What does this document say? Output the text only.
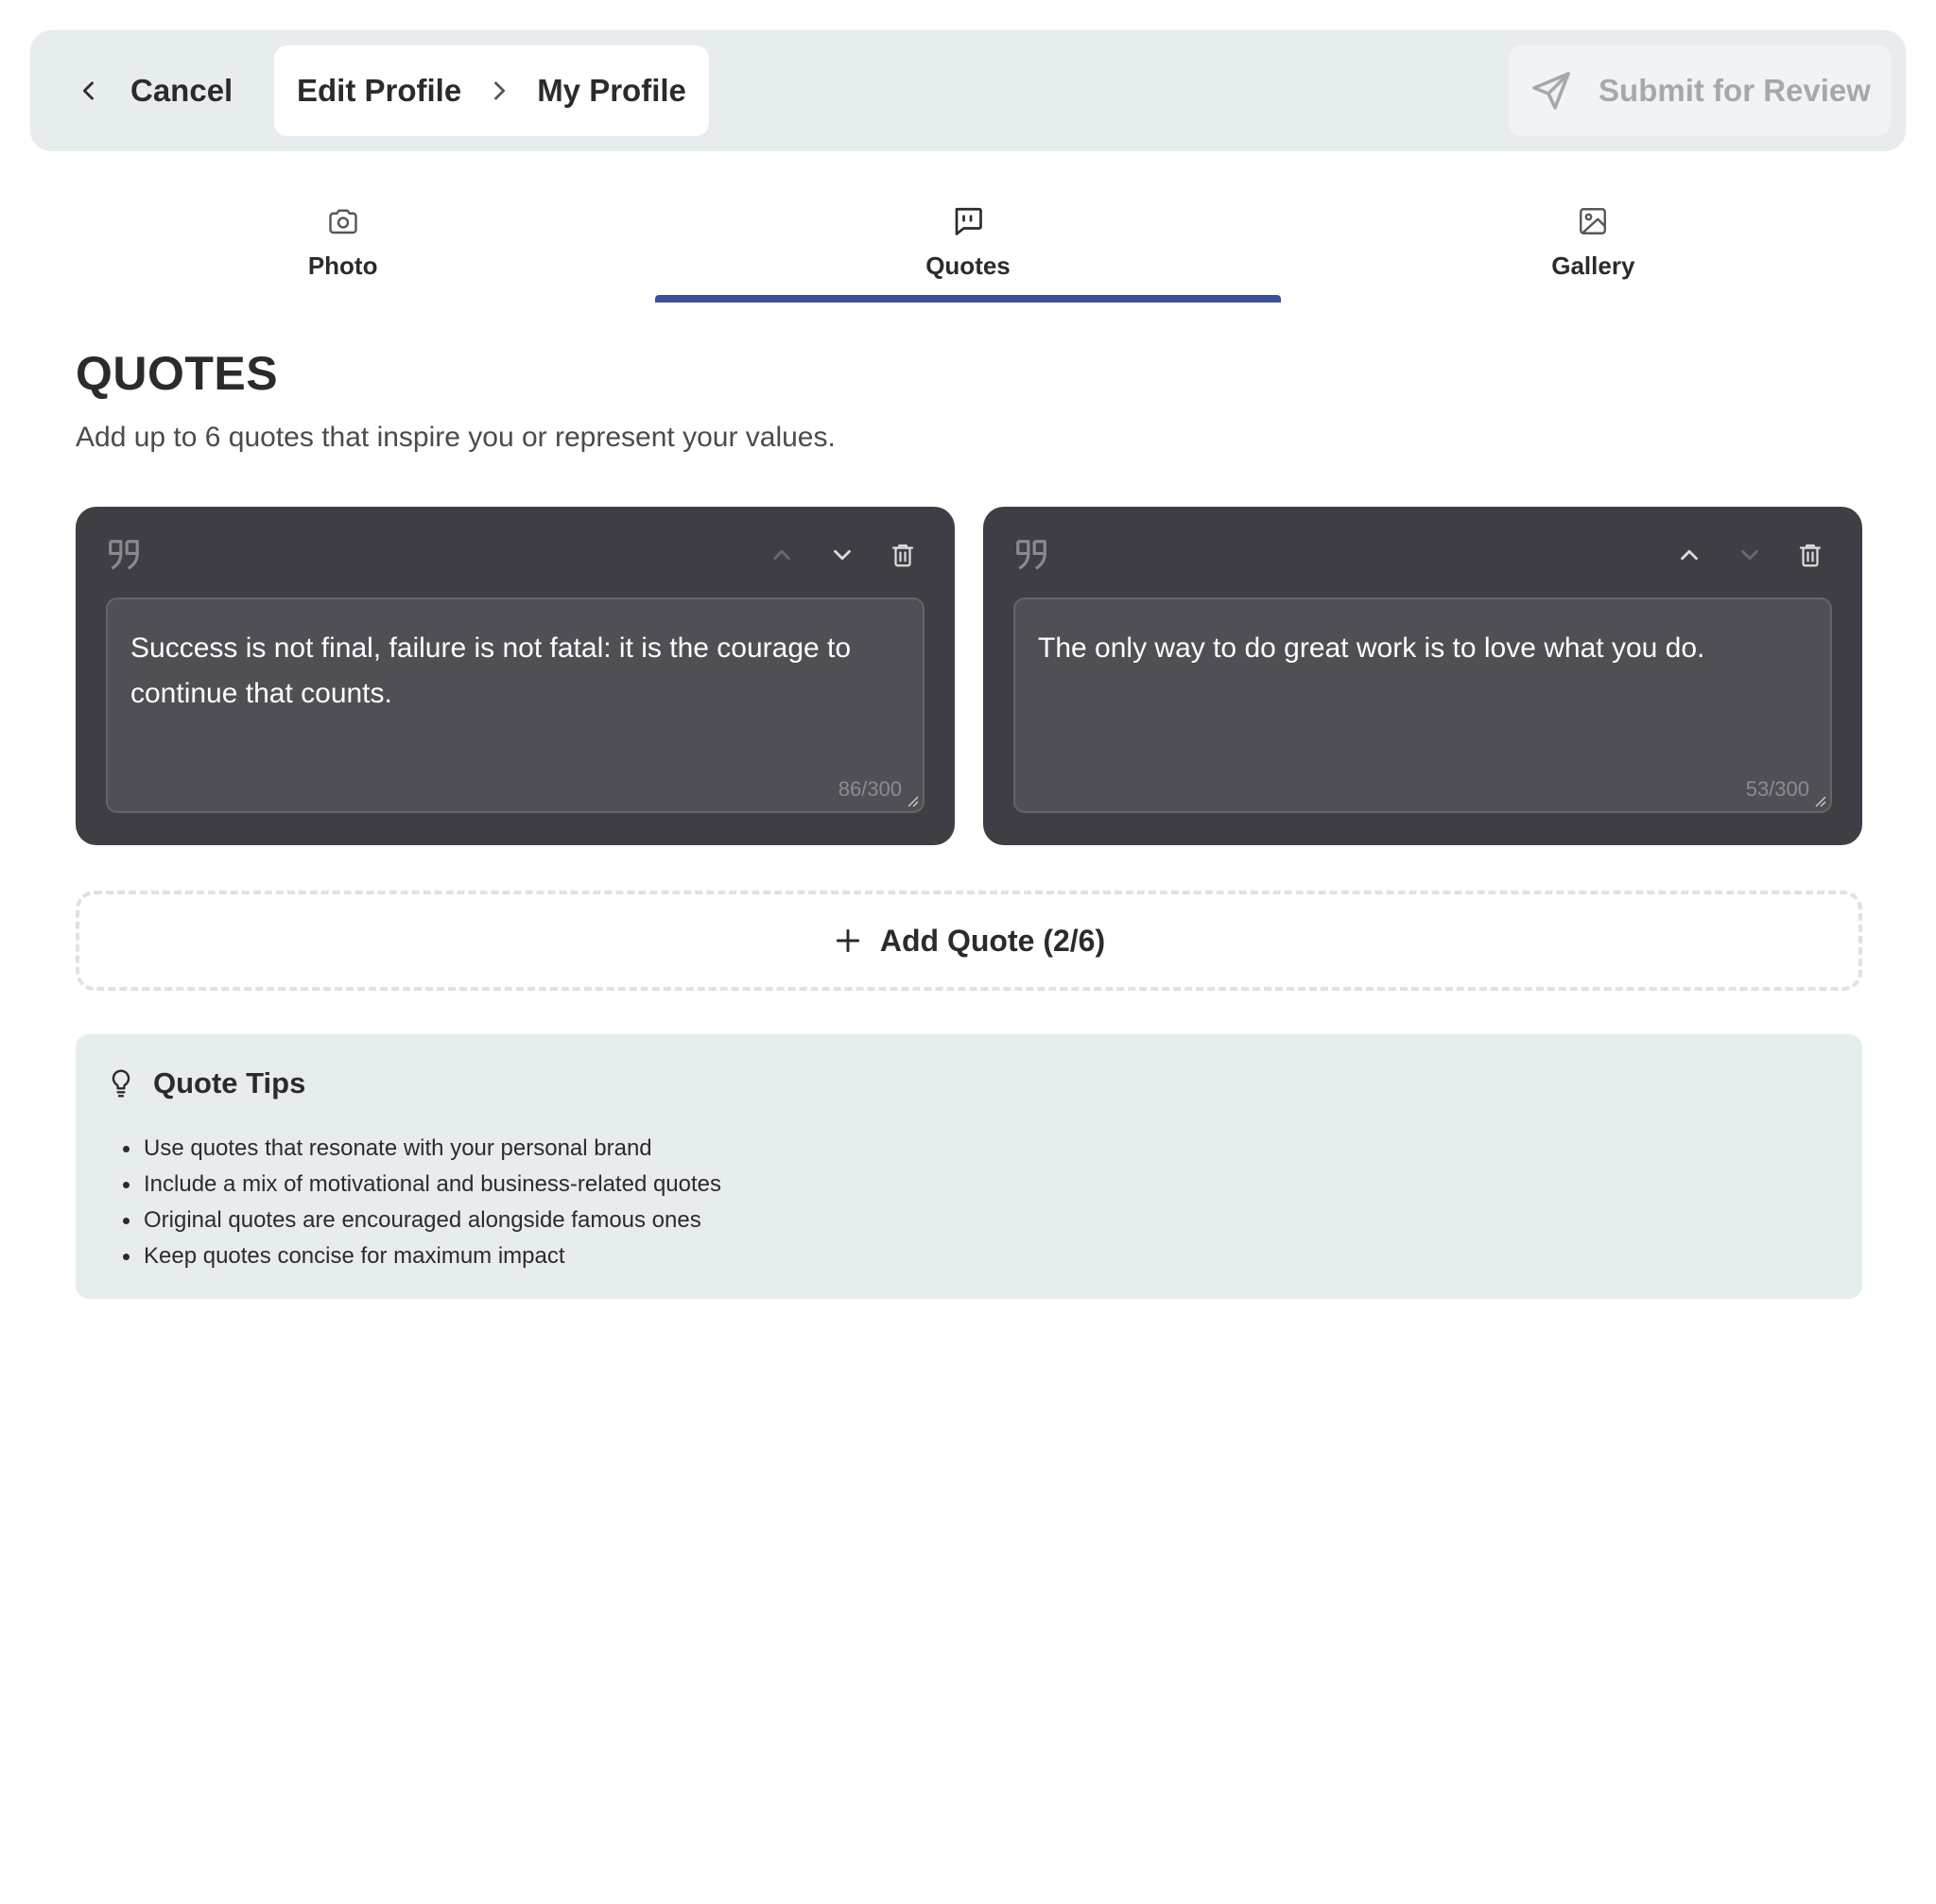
Cancel Edit Profile My Profile	Submit for Review
Photo	Quotes	Gallery
QUOTES

Add up to 6 quotes that inspire you or represent your values.

Success is not final, failure is not fatal: it is the courage to continue that counts.
86/300
The only way to do great work is to love what you do.
53/300
Add Quote (2/6)
Quote Tips
Use quotes that resonate with your personal brand
Include a mix of motivational and business-related quotes
Original quotes are encouraged alongside famous ones
Keep quotes concise for maximum impact
